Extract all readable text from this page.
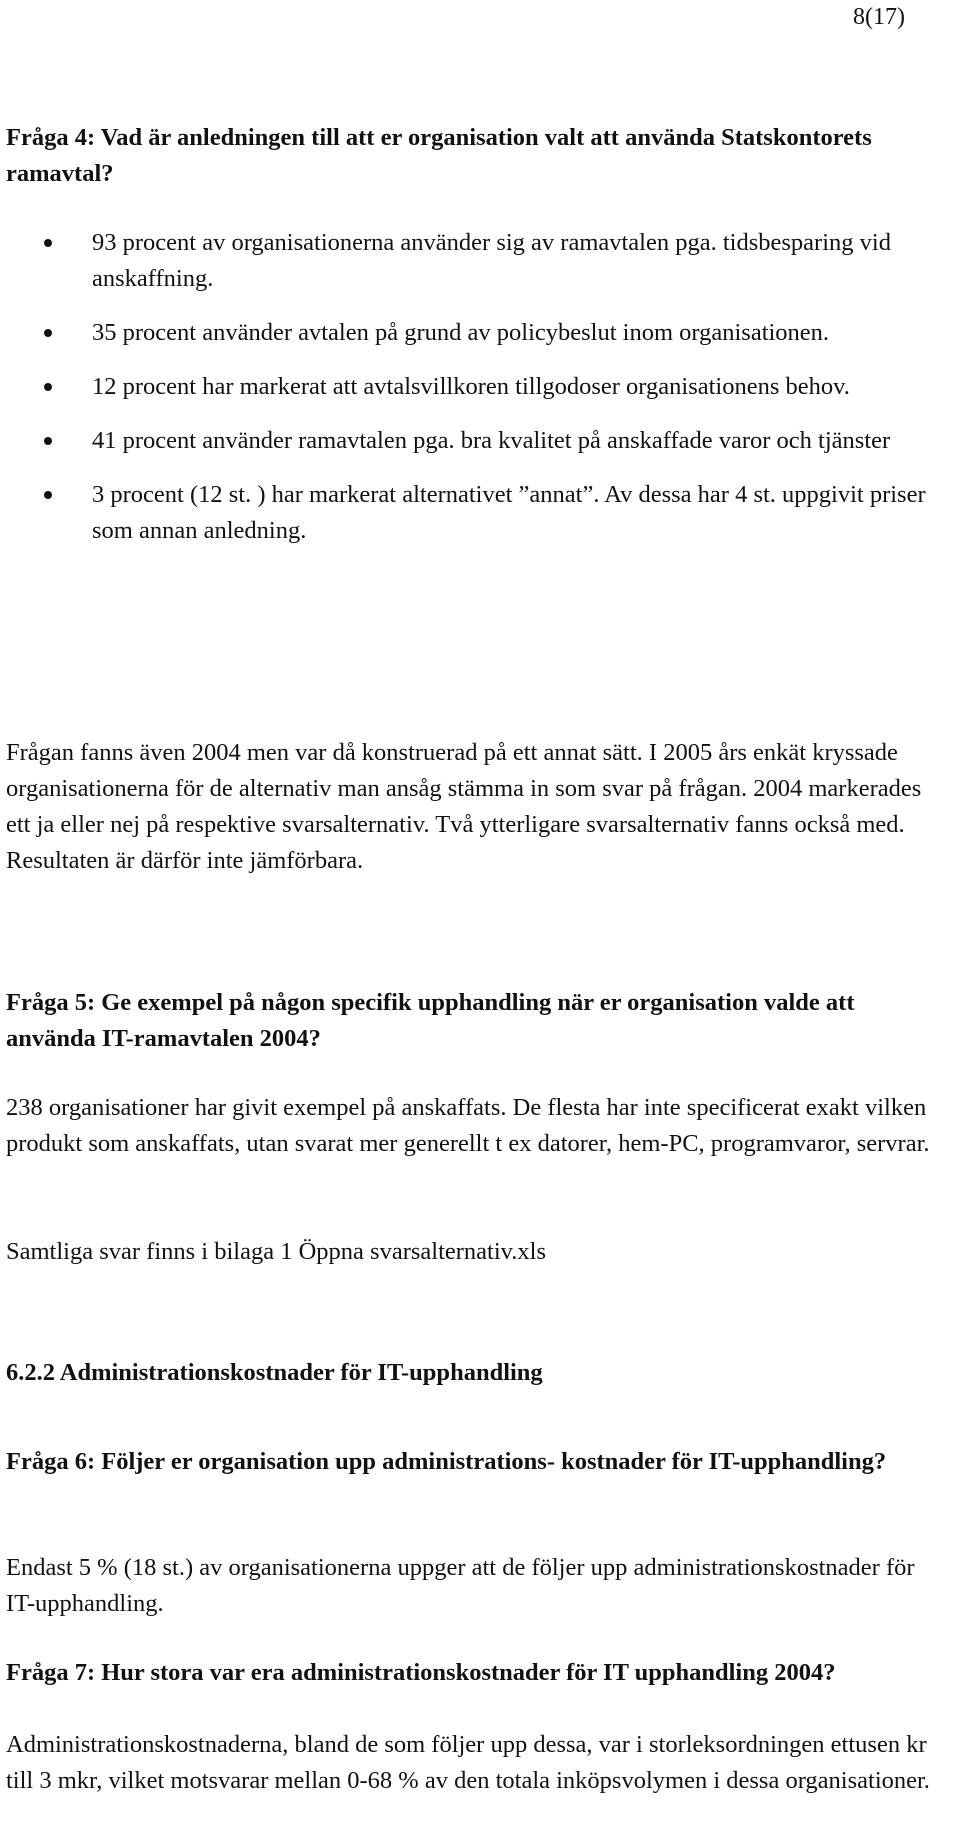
8(17)

Fråga 4: Vad är anledningen till att er organisation valt att använda Statskontorets ramavtal?

93 procent av organisationerna använder sig av ramavtalen pga. tidsbesparing vid anskaffning.
35 procent använder avtalen på grund av policybeslut inom organisationen.
12 procent har markerat att avtalsvillkoren tillgodoser organisationens behov.
41 procent använder ramavtalen pga. bra kvalitet på anskaffade varor och tjänster
3 procent (12 st. ) har markerat alternativet ”annat”. Av dessa har 4 st. uppgivit priser som annan anledning.

Frågan fanns även 2004 men var då konstruerad på ett annat sätt. I 2005 års enkät kryssade organisationerna för de alternativ man ansåg stämma in som svar på frågan. 2004 markerades ett ja eller nej på respektive svarsalternativ. Två ytterligare svarsalternativ fanns också med. Resultaten är därför inte jämförbara.

Fråga 5: Ge exempel på någon specifik upphandling när er organisation valde att använda IT-ramavtalen 2004?

238 organisationer har givit exempel på anskaffats. De flesta har inte specificerat exakt vilken produkt som anskaffats, utan svarat mer generellt t ex datorer, hem-PC, programvaror, servrar.

Samtliga svar finns i bilaga 1 Öppna svarsalternativ.xls

6.2.2 Administrationskostnader för IT-upphandling

Fråga 6: Följer er organisation upp administrations- kostnader för IT-upphandling?

Endast 5 % (18 st.) av organisationerna uppger att de följer upp administrationskostnader för IT-upphandling.

Fråga 7: Hur stora var era administrationskostnader för IT upphandling 2004?

Administrationskostnaderna, bland de som följer upp dessa, var i storleksordningen ettusen kr till 3 mkr, vilket motsvarar mellan 0-68 % av den totala inköpsvolymen i dessa organisationer.
